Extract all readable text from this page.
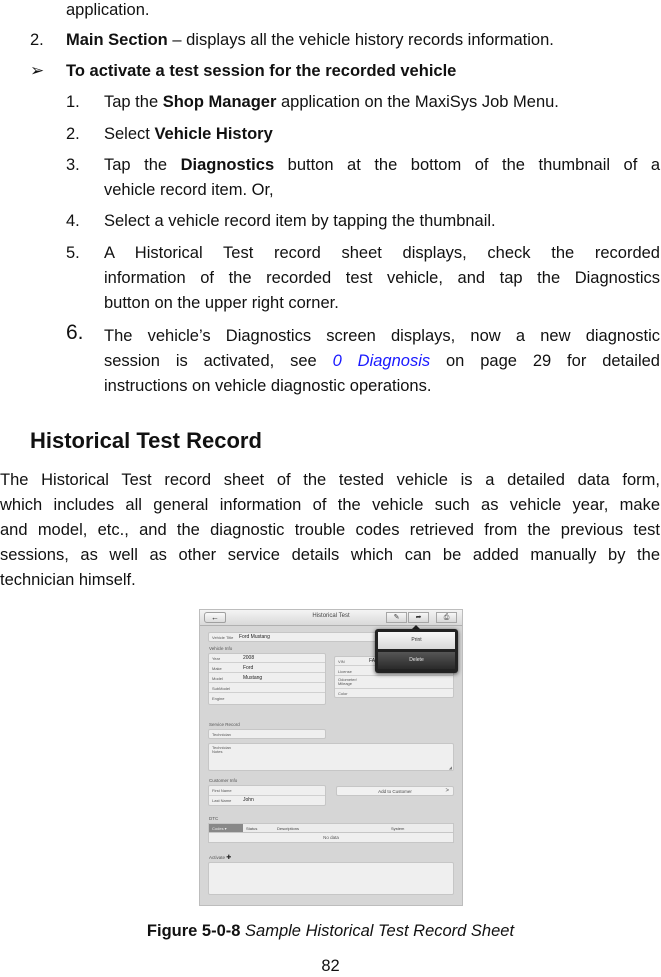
application.
2. Main Section – displays all the vehicle history records information.
➢ To activate a test session for the recorded vehicle
1. Tap the Shop Manager application on the MaxiSys Job Menu.
2. Select Vehicle History
3. Tap the Diagnostics button at the bottom of the thumbnail of a
vehicle record item. Or,
4. Select a vehicle record item by tapping the thumbnail.
5. A Historical Test record sheet displays, check the recorded
information of the recorded test vehicle, and tap the Diagnostics
button on the upper right corner.
6. The vehicle’s Diagnostics screen displays, now a new diagnostic
session is activated, see 0 Diagnosis on page 29 for detailed
instructions on vehicle diagnostic operations.
Historical Test Record
The Historical Test record sheet of the tested vehicle is a detailed data form,
which includes all general information of the vehicle such as vehicle year, make
and model, etc., and the diagnostic trouble codes retrieved from the previous test
sessions, as well as other service details which can be added manually by the
technician himself.
←	Historical Test	✎	➦	⎙
Vehicle Title Ford Mustang
Vehicle Info
Year	2008
Make	Ford
Model	Mustang
SubModel
Engine
VIN	FA
License
Odometer/ Mileage
Color
Print
Delete
Service Record
Technician
Technician Notes
◢
Customer Info
First Name
Last Name John
Add to Customer	>
DTC
Codes ▾	Status	Descriptions	System
No data
Activate ✚
Figure 5-0-8 Sample Historical Test Record Sheet
82
